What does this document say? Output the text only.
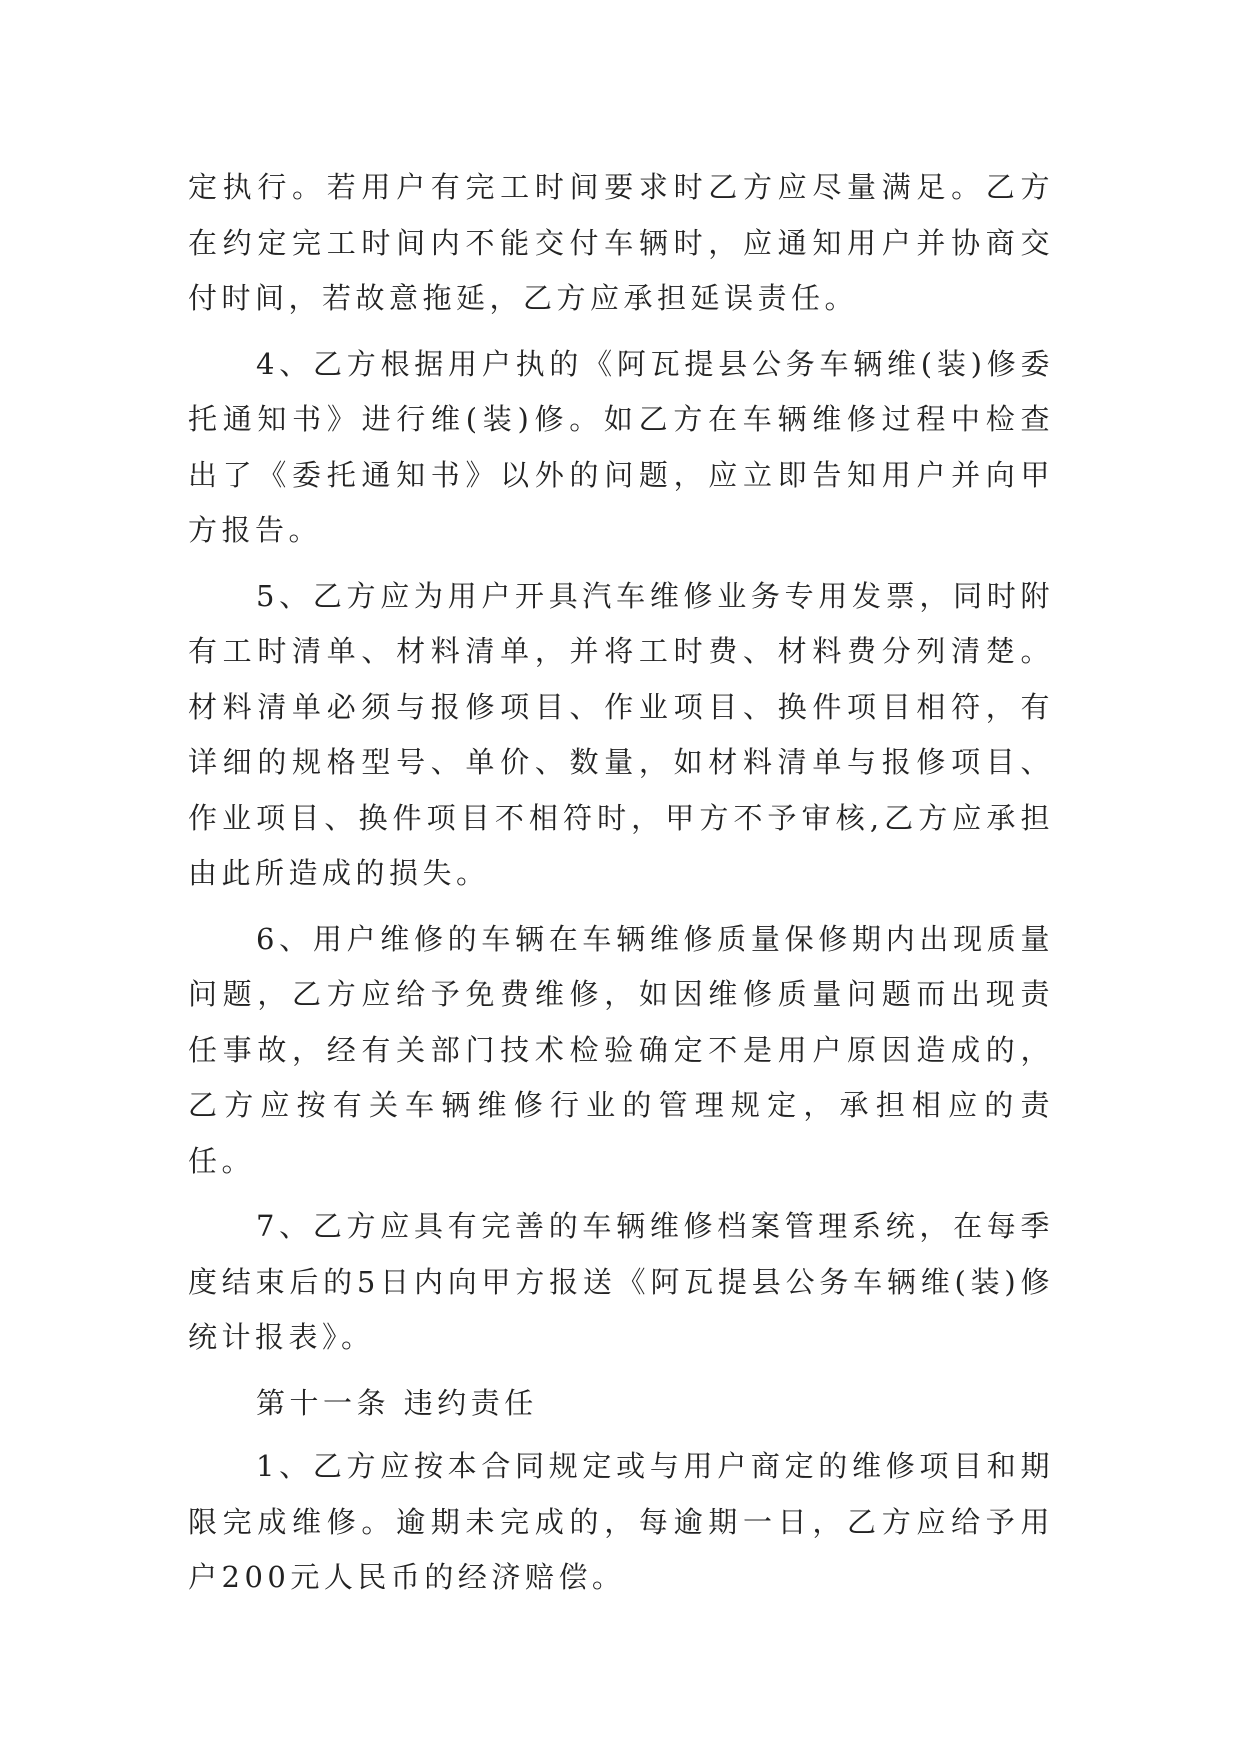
定执行。若用户有完工时间要求时乙方应尽量满足。乙方在约定完工时间内不能交付车辆时，应通知用户并协商交付时间，若故意拖延，乙方应承担延误责任。

4、乙方根据用户执的《阿瓦提县公务车辆维(装)修委托通知书》进行维(装)修。如乙方在车辆维修过程中检查出了《委托通知书》以外的问题，应立即告知用户并向甲方报告。

5、乙方应为用户开具汽车维修业务专用发票，同时附有工时清单、材料清单，并将工时费、材料费分列清楚。材料清单必须与报修项目、作业项目、换件项目相符，有详细的规格型号、单价、数量，如材料清单与报修项目、作业项目、换件项目不相符时，甲方不予审核,乙方应承担由此所造成的损失。

6、用户维修的车辆在车辆维修质量保修期内出现质量问题，乙方应给予免费维修，如因维修质量问题而出现责任事故，经有关部门技术检验确定不是用户原因造成的，乙方应按有关车辆维修行业的管理规定，承担相应的责任。

7、乙方应具有完善的车辆维修档案管理系统，在每季度结束后的5日内向甲方报送《阿瓦提县公务车辆维(装)修统计报表》。

第十一条 违约责任

1、乙方应按本合同规定或与用户商定的维修项目和期限完成维修。逾期未完成的，每逾期一日，乙方应给予用户200元人民币的经济赔偿。
